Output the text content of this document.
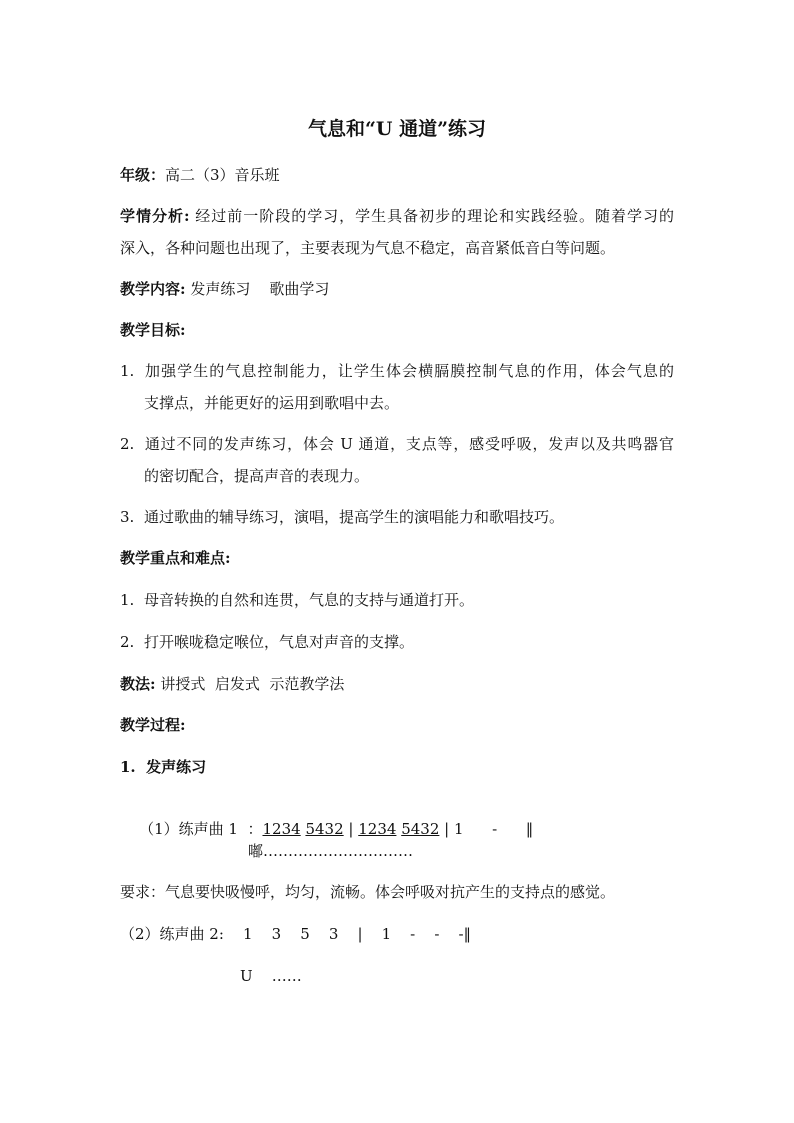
气息和“U 通道”练习
年级：高二（3）音乐班
学情分析: 经过前一阶段的学习，学生具备初步的理论和实践经验。随着学习的
深入，各种问题也出现了，主要表现为气息不稳定，高音紧低音白等问题。
教学内容: 发声练习    歌曲学习
教学目标:
1. 加强学生的气息控制能力，让学生体会横膈膜控制气息的作用，体会气息的
支撑点，并能更好的运用到歌唱中去。
2. 通过不同的发声练习，体会 U 通道，支点等，感受呼吸，发声以及共鸣器官
的密切配合，提高声音的表现力。
3. 通过歌曲的辅导练习，演唱，提高学生的演唱能力和歌唱技巧。
教学重点和难点:
1. 母音转换的自然和连贯，气息的支持与通道打开。
2. 打开喉咙稳定喉位，气息对声音的支撑。
教法: 讲授式  启发式  示范教学法
教学过程:
1.  发声练习

（1）练声曲 1  ：1234 5432 | 1234 5432 | 1      -      ‖

嘟…………………………
要求：气息要快吸慢呼，均匀，流畅。体会呼吸对抗产生的支持点的感觉。
（2）练声曲 2:    1    3    5    3    |    1    -    -    -‖
U    ……
